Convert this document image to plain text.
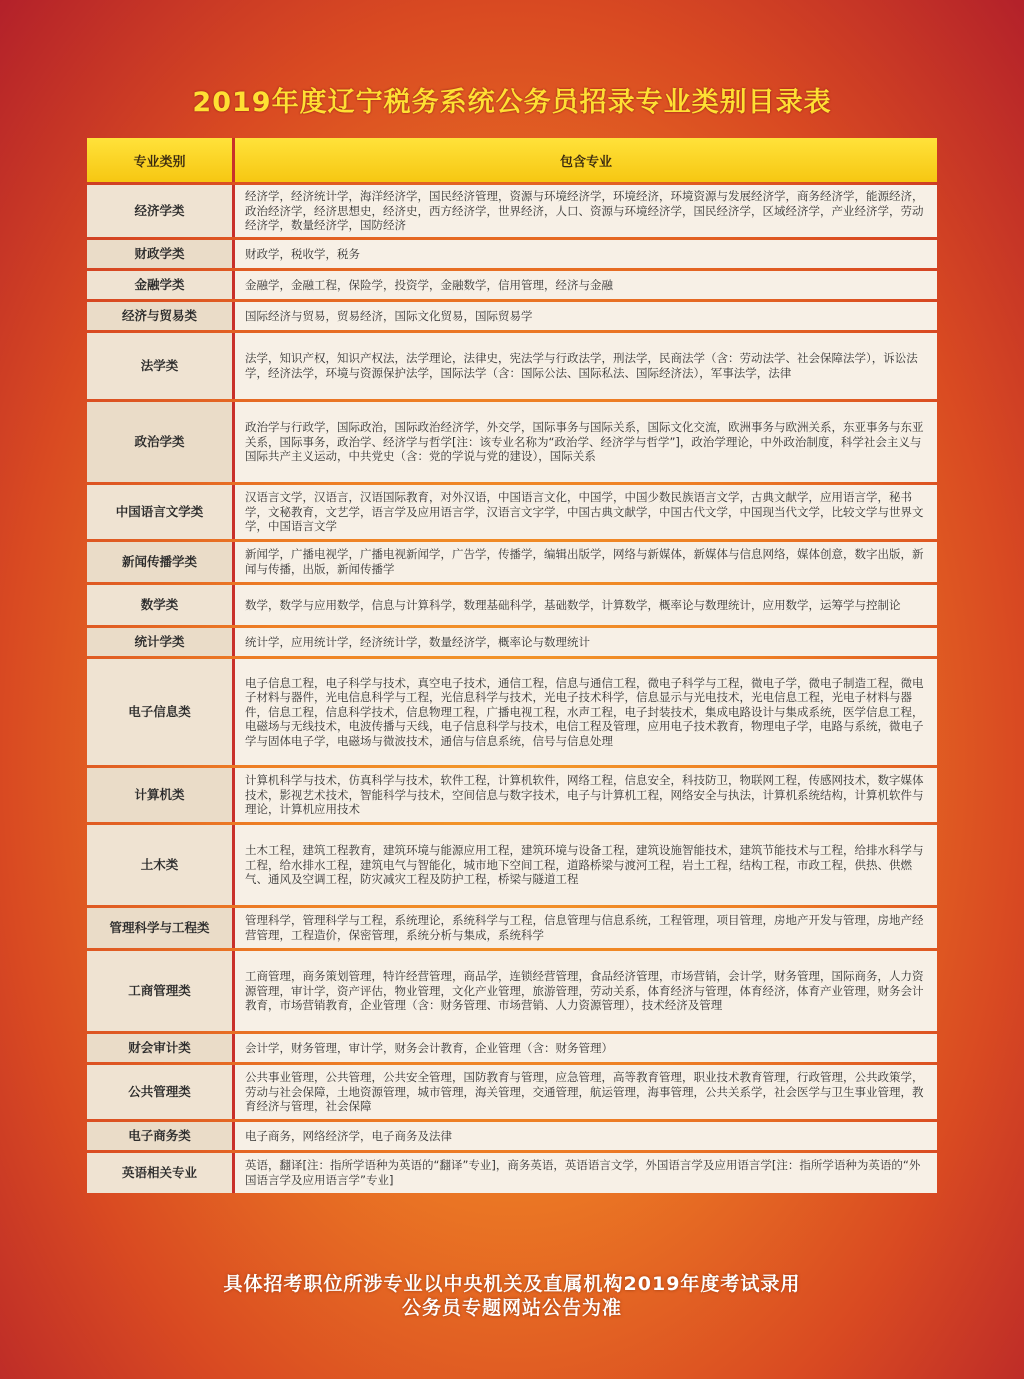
2019年度辽宁税务系统公务员招录专业类别目录表
专业类别	包含专业
经济学类	经济学，经济统计学，海洋经济学，国民经济管理，资源与环境经济学，环境经济，环境资源与发展经济学，商务经济学，能源经济，政治经济学，经济思想史，经济史，西方经济学，世界经济，人口、资源与环境经济学，国民经济学，区域经济学，产业经济学，劳动经济学，数量经济学，国防经济
财政学类	财政学，税收学，税务
金融学类	金融学，金融工程，保险学，投资学，金融数学，信用管理，经济与金融
经济与贸易类	国际经济与贸易，贸易经济，国际文化贸易，国际贸易学
法学类	法学，知识产权，知识产权法，法学理论，法律史，宪法学与行政法学，刑法学，民商法学（含：劳动法学、社会保障法学），诉讼法学，经济法学，环境与资源保护法学，国际法学（含：国际公法、国际私法、国际经济法），军事法学，法律
政治学类	政治学与行政学，国际政治，国际政治经济学，外交学，国际事务与国际关系，国际文化交流，欧洲事务与欧洲关系，东亚事务与东亚关系，国际事务，政治学、经济学与哲学[注：该专业名称为“政治学、经济学与哲学”]，政治学理论，中外政治制度，科学社会主义与国际共产主义运动，中共党史（含：党的学说与党的建设），国际关系
中国语言文学类	汉语言文学，汉语言，汉语国际教育，对外汉语，中国语言文化，中国学，中国少数民族语言文学，古典文献学，应用语言学，秘书学，文秘教育，文艺学，语言学及应用语言学，汉语言文字学，中国古典文献学，中国古代文学，中国现当代文学，比较文学与世界文学，中国语言文学
新闻传播学类	新闻学，广播电视学，广播电视新闻学，广告学，传播学，编辑出版学，网络与新媒体，新媒体与信息网络，媒体创意，数字出版，新闻与传播，出版，新闻传播学
数学类	数学，数学与应用数学，信息与计算科学，数理基础科学，基础数学，计算数学，概率论与数理统计，应用数学，运筹学与控制论
统计学类	统计学，应用统计学，经济统计学，数量经济学，概率论与数理统计
电子信息类	电子信息工程，电子科学与技术，真空电子技术，通信工程，信息与通信工程，微电子科学与工程，微电子学，微电子制造工程，微电子材料与器件，光电信息科学与工程，光信息科学与技术，光电子技术科学，信息显示与光电技术，光电信息工程，光电子材料与器件，信息工程，信息科学技术，信息物理工程，广播电视工程，水声工程，电子封装技术，集成电路设计与集成系统，医学信息工程，电磁场与无线技术，电波传播与天线，电子信息科学与技术，电信工程及管理，应用电子技术教育，物理电子学，电路与系统，微电子学与固体电子学，电磁场与微波技术，通信与信息系统，信号与信息处理
计算机类	计算机科学与技术，仿真科学与技术，软件工程，计算机软件，网络工程，信息安全，科技防卫，物联网工程，传感网技术，数字媒体技术，影视艺术技术，智能科学与技术，空间信息与数字技术，电子与计算机工程，网络安全与执法，计算机系统结构，计算机软件与理论，计算机应用技术
土木类	土木工程，建筑工程教育，建筑环境与能源应用工程，建筑环境与设备工程，建筑设施智能技术，建筑节能技术与工程，给排水科学与工程，给水排水工程，建筑电气与智能化，城市地下空间工程，道路桥梁与渡河工程，岩土工程，结构工程，市政工程，供热、供燃气、通风及空调工程，防灾减灾工程及防护工程，桥梁与隧道工程
管理科学与工程类	管理科学，管理科学与工程，系统理论，系统科学与工程，信息管理与信息系统，工程管理，项目管理，房地产开发与管理，房地产经营管理，工程造价，保密管理，系统分析与集成，系统科学
工商管理类	工商管理，商务策划管理，特许经营管理，商品学，连锁经营管理，食品经济管理，市场营销，会计学，财务管理，国际商务，人力资源管理，审计学，资产评估，物业管理，文化产业管理，旅游管理，劳动关系，体育经济与管理，体育经济，体育产业管理，财务会计教育，市场营销教育，企业管理（含：财务管理、市场营销、人力资源管理），技术经济及管理
财会审计类	会计学，财务管理，审计学，财务会计教育，企业管理（含：财务管理）
公共管理类	公共事业管理，公共管理，公共安全管理，国防教育与管理，应急管理，高等教育管理，职业技术教育管理，行政管理，公共政策学，劳动与社会保障，土地资源管理，城市管理，海关管理，交通管理，航运管理，海事管理，公共关系学，社会医学与卫生事业管理，教育经济与管理，社会保障
电子商务类	电子商务，网络经济学，电子商务及法律
英语相关专业	英语，翻译[注：指所学语种为英语的“翻译”专业]，商务英语，英语语言文学，外国语言学及应用语言学[注：指所学语种为英语的“外国语言学及应用语言学”专业]
具体招考职位所涉专业以中央机关及直属机构2019年度考试录用
公务员专题网站公告为准
